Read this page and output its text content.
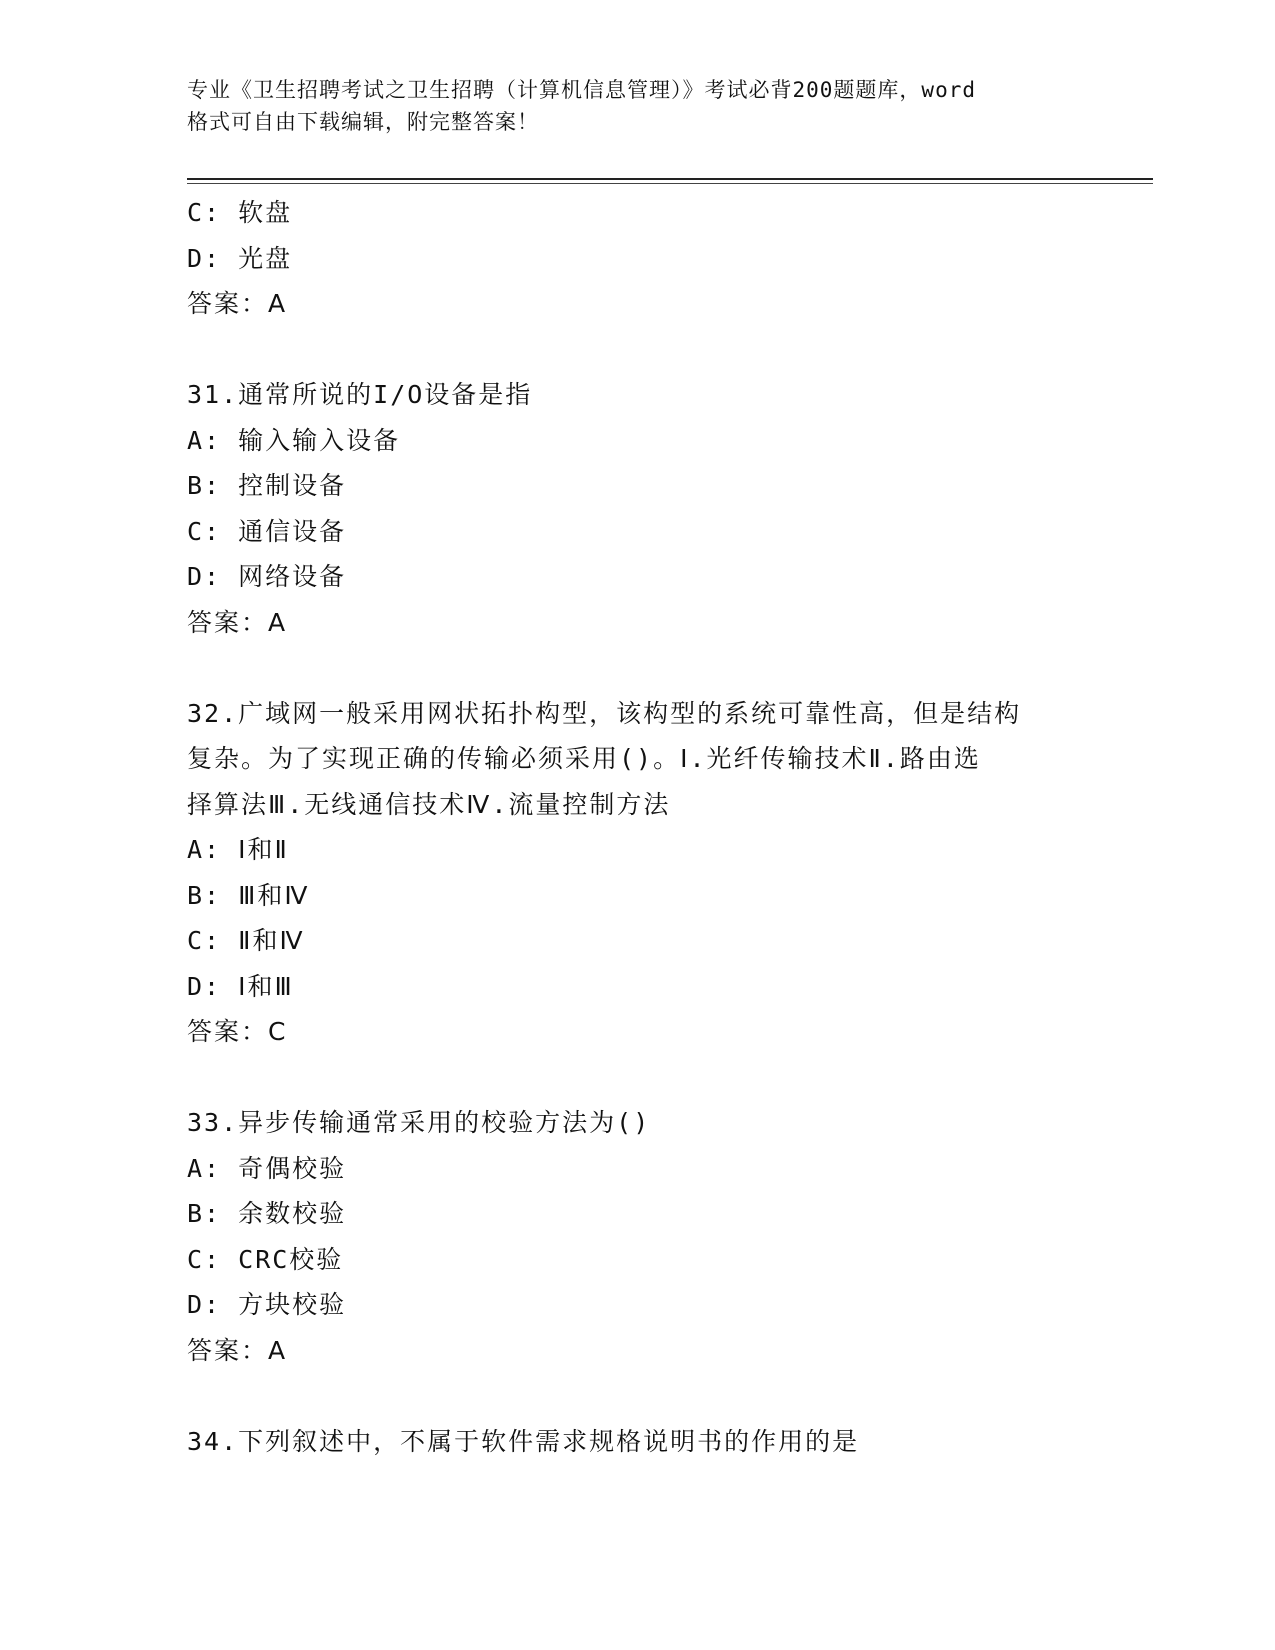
专业《卫生招聘考试之卫生招聘（计算机信息管理）》考试必背200题题库，word
格式可自由下载编辑，附完整答案！
C: 软盘
D: 光盘
答案：A
31.通常所说的I/O设备是指
A: 输入输入设备
B: 控制设备
C: 通信设备
D: 网络设备
答案：A
32.广域网一般采用网状拓扑构型，该构型的系统可靠性高，但是结构
复杂。为了实现正确的传输必须采用()。Ⅰ.光纤传输技术Ⅱ.路由选
择算法Ⅲ.无线通信技术Ⅳ.流量控制方法
A: Ⅰ和Ⅱ
B: Ⅲ和Ⅳ
C: Ⅱ和Ⅳ
D: Ⅰ和Ⅲ
答案：C
33.异步传输通常采用的校验方法为()
A: 奇偶校验
B: 余数校验
C: CRC校验
D: 方块校验
答案：A
34.下列叙述中，不属于软件需求规格说明书的作用的是
